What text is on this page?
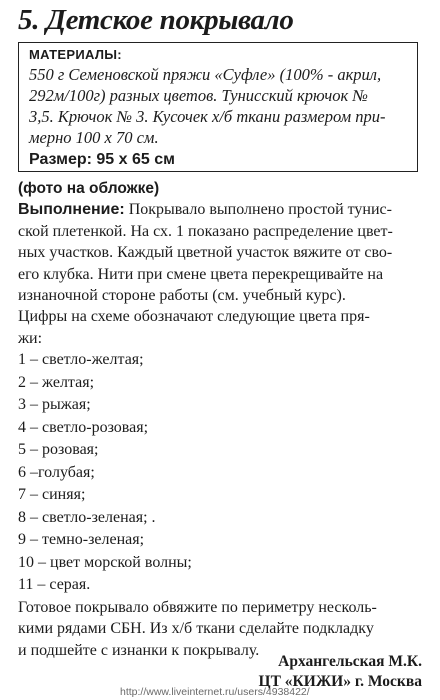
5. Детское покрывало
МАТЕРИАЛЫ:
550 г Семеновской пряжи «Суфле» (100% - акрил,
292м/100г) разных цветов. Тунисский крючок №
3,5. Крючок № 3. Кусочек х/б ткани размером при-
мерно 100 х 70 см.
Размер: 95 х 65 см
(фото на обложке)
Выполнение: Покрывало выполнено простой тунис-
ской плетенкой. На сх. 1 показано распределение цвет-
ных участков. Каждый цветной участок вяжите от сво-
его клубка. Нити при смене цвета перекрещивайте на
изнаночной стороне работы (см. учебный курс).
Цифры на схеме обозначают следующие цвета пря-
жи:
1 – светло-желтая;
2 – желтая;
3 – рыжая;
4 – светло-розовая;
5 – розовая;
6 –голубая;
7 – синяя;
8 – светло-зеленая; .
9 – темно-зеленая;
10 – цвет морской волны;
11 – серая.
Готовое покрывало обвяжите по периметру несколь-
кими рядами СБН. Из х/б ткани сделайте подкладку
и подшейте с изнанки к покрывалу.
Архангельская М.К.
ЦТ «КИЖИ» г. Москва
http://www.liveinternet.ru/users/4938422/
